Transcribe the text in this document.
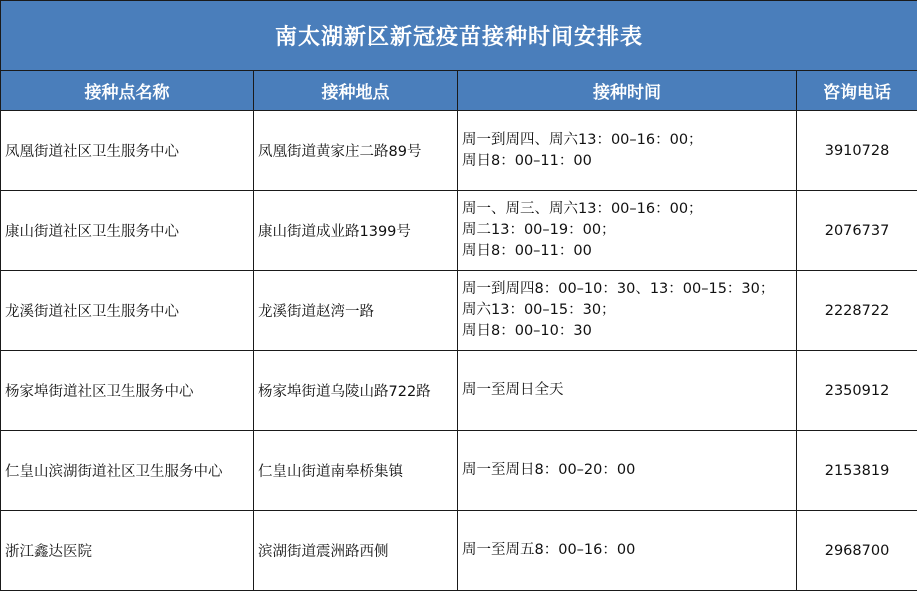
南太湖新区新冠疫苗接种时间安排表			
接种点名称	接种地点	接种时间	咨询电话
凤凰街道社区卫生服务中心	凤凰街道黄家庄二路89号	周一到周四、周六13：00–16：00；
周日8：00–11：00	3910728
康山街道社区卫生服务中心	康山街道成业路1399号	周一、周三、周六13：00–16：00；
周二13：00–19：00；
周日8：00–11：00	2076737
龙溪街道社区卫生服务中心	龙溪街道赵湾一路	周一到周四8：00–10：30、13：00–15：30；
周六13：00–15：30；
周日8：00–10：30	2228722
杨家埠街道社区卫生服务中心	杨家埠街道乌陵山路722路	周一至周日全天	2350912
仁皇山滨湖街道社区卫生服务中心	仁皇山街道南皋桥集镇	周一至周日8：00–20：00	2153819
浙江鑫达医院	滨湖街道震洲路西侧	周一至周五8：00–16：00	2968700
